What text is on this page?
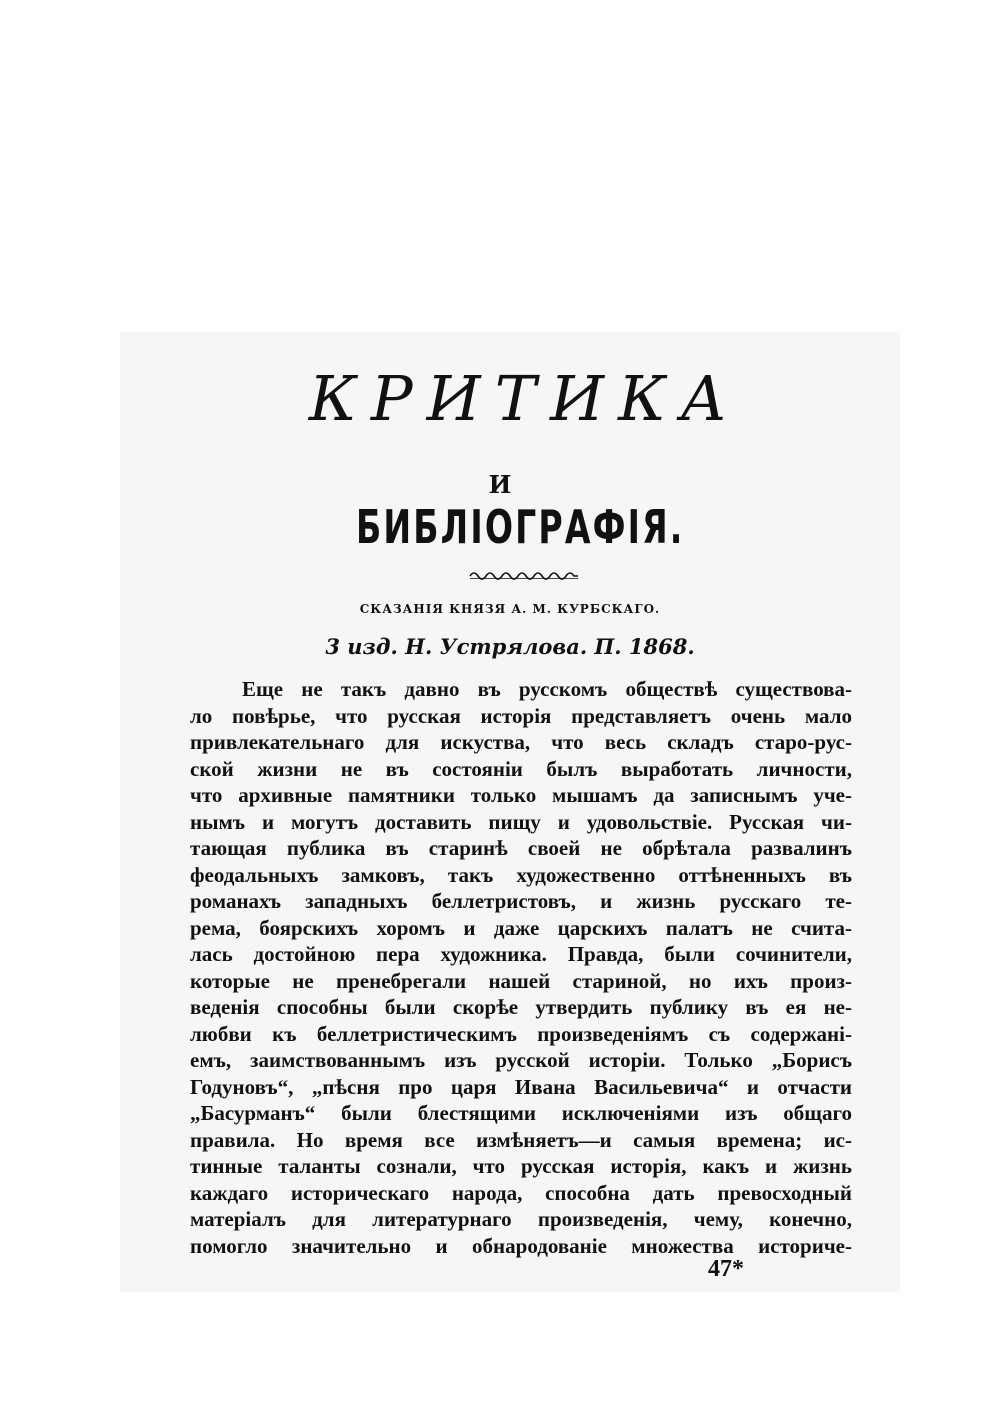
КРИТИКА
И
БИБЛІОГРАФІЯ.
СКАЗАНІЯ КНЯЗЯ А. М. КУРБСКАГО.
3 изд. Н. Устрялова. П. 1868.
Еще не такъ давно въ русскомъ обществѣ существова-
ло повѣрье, что русская исторія представляетъ очень мало
привлекательнаго для искуства, что весь складъ старо-рус-
ской жизни не въ состояніи былъ выработать личности,
что архивные памятники только мышамъ да записнымъ уче-
нымъ и могутъ доставить пищу и удовольствіе. Русская чи-
тающая публика въ старинѣ своей не обрѣтала развалинъ
феодальныхъ замковъ, такъ художественно оттѣненныхъ въ
романахъ западныхъ беллетристовъ, и жизнь русскаго те-
рема, боярскихъ хоромъ и даже царскихъ палатъ не счита-
лась достойною пера художника. Правда, были сочинители,
которые не пренебрегали нашей стариной, но ихъ произ-
веденія способны были скорѣе утвердить публику въ ея не-
любви къ беллетристическимъ произведеніямъ съ содержані-
емъ, заимствованнымъ изъ русской исторіи. Только „Борисъ
Годуновъ“, „пѣсня про царя Ивана Васильевича“ и отчасти
„Басурманъ“ были блестящими исключеніями изъ общаго
правила. Но время все измѣняетъ—и самыя времена; ис-
тинные таланты сознали, что русская исторія, какъ и жизнь
каждаго историческаго народа, способна дать превосходный
матеріалъ для литературнаго произведенія, чему, конечно,
помогло значительно и обнародованіе множества историче-
47*
